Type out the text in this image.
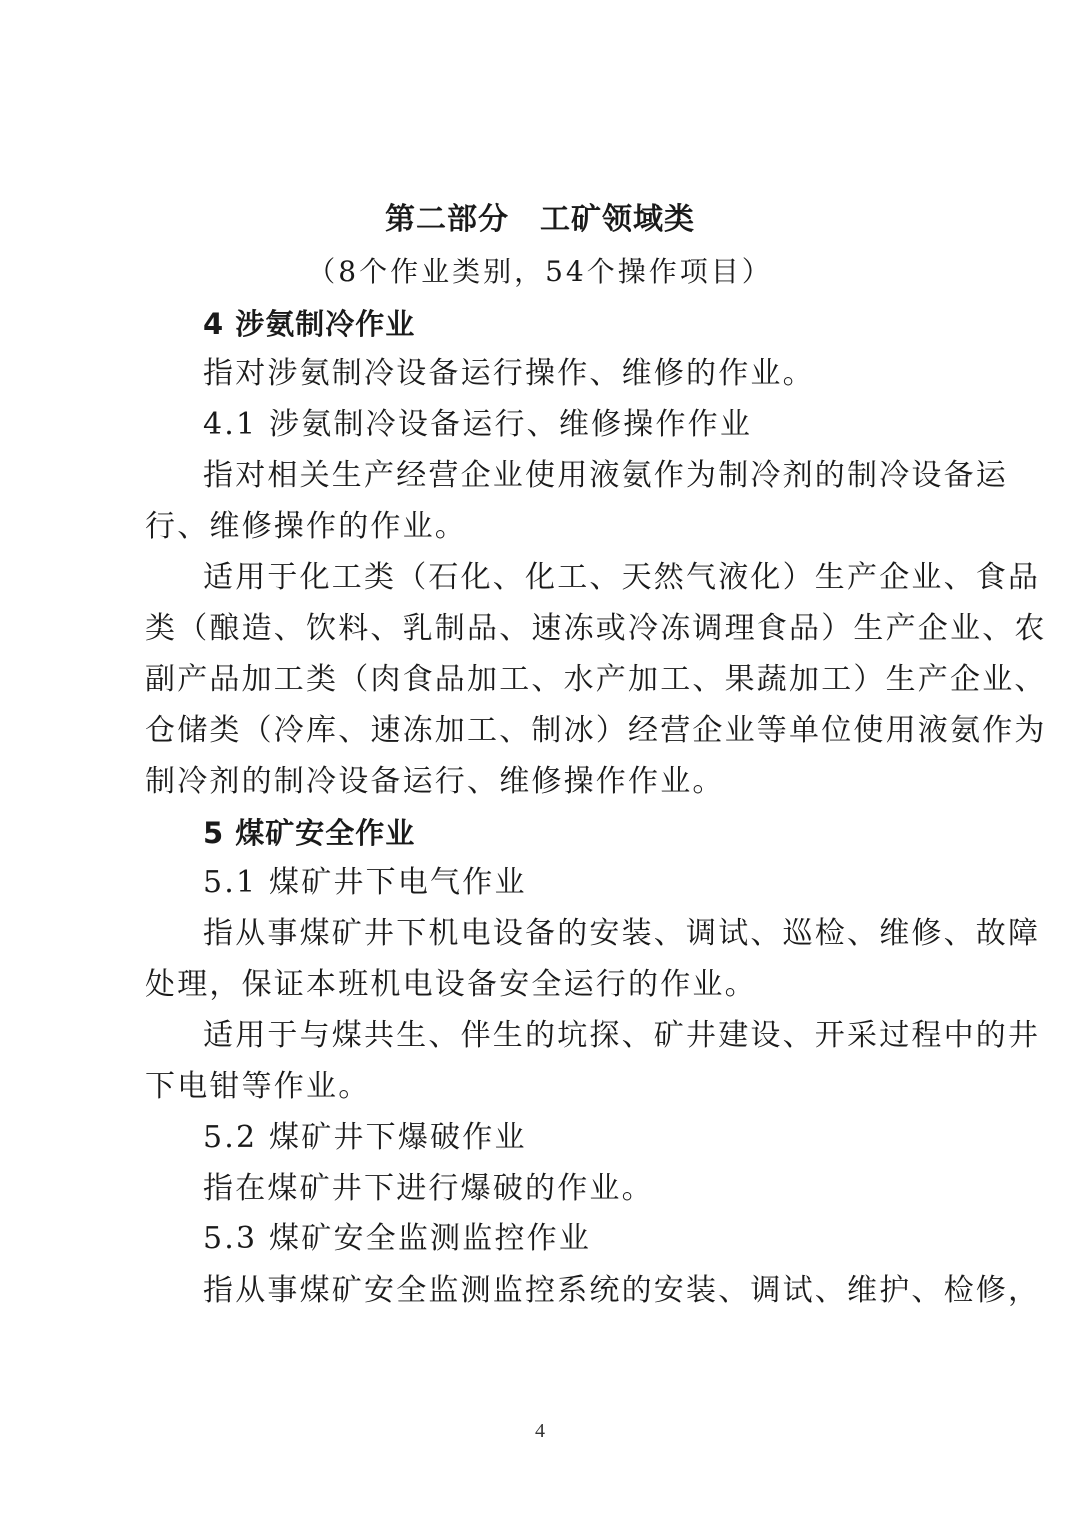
第二部分　工矿领域类
（8个作业类别，54个操作项目）
4 涉氨制冷作业
指对涉氨制冷设备运行操作、维修的作业。
4.1 涉氨制冷设备运行、维修操作作业
指对相关生产经营企业使用液氨作为制冷剂的制冷设备运
行、维修操作的作业。
适用于化工类（石化、化工、天然气液化）生产企业、食品
类（酿造、饮料、乳制品、速冻或冷冻调理食品）生产企业、农
副产品加工类（肉食品加工、水产加工、果蔬加工）生产企业、
仓储类（冷库、速冻加工、制冰）经营企业等单位使用液氨作为
制冷剂的制冷设备运行、维修操作作业。
5 煤矿安全作业
5.1 煤矿井下电气作业
指从事煤矿井下机电设备的安装、调试、巡检、维修、故障
处理，保证本班机电设备安全运行的作业。
适用于与煤共生、伴生的坑探、矿井建设、开采过程中的井
下电钳等作业。
5.2 煤矿井下爆破作业
指在煤矿井下进行爆破的作业。
5.3 煤矿安全监测监控作业
指从事煤矿安全监测监控系统的安装、调试、维护、检修，
4
